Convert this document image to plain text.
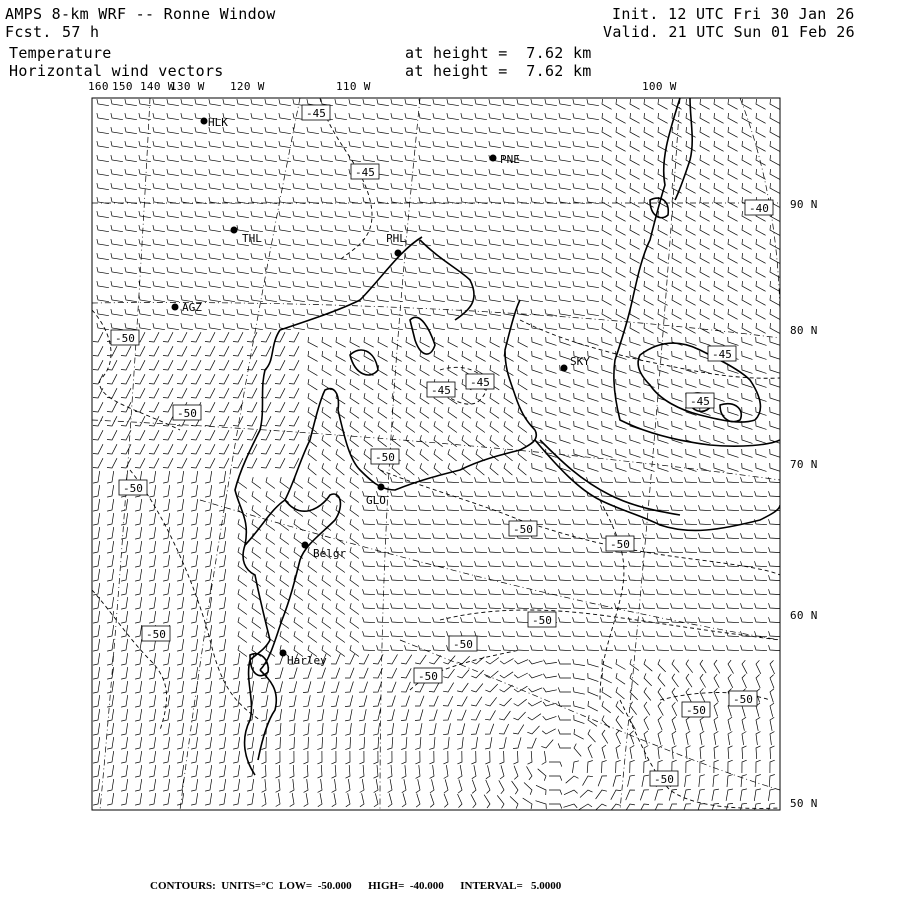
AMPS 8-km WRF -- Ronne Window
Fcst. 57 h
Temperature
Horizontal wind vectors
at height =  7.62 km
at height =  7.62 km
Init. 12 UTC Fri 30 Jan 26
Valid. 21 UTC Sun 01 Feb 26
160 150 140 W
130 W 120 W	110 W	100 W
90 N
80 N
70 N
60 N
50 N
HLK
PNE
THL	PHL
AGZ
SKY
GLO
Belgr
Harley
-45
-45
-40
-50
-45
-45
-45
-50
-50
-50
-50
-50
-50
-50
-50
-50
-50
-50
-45
-50
CONTOURS:  UNITS=°C  LOW=  -50.000      HIGH=  -40.000      INTERVAL=   5.0000
